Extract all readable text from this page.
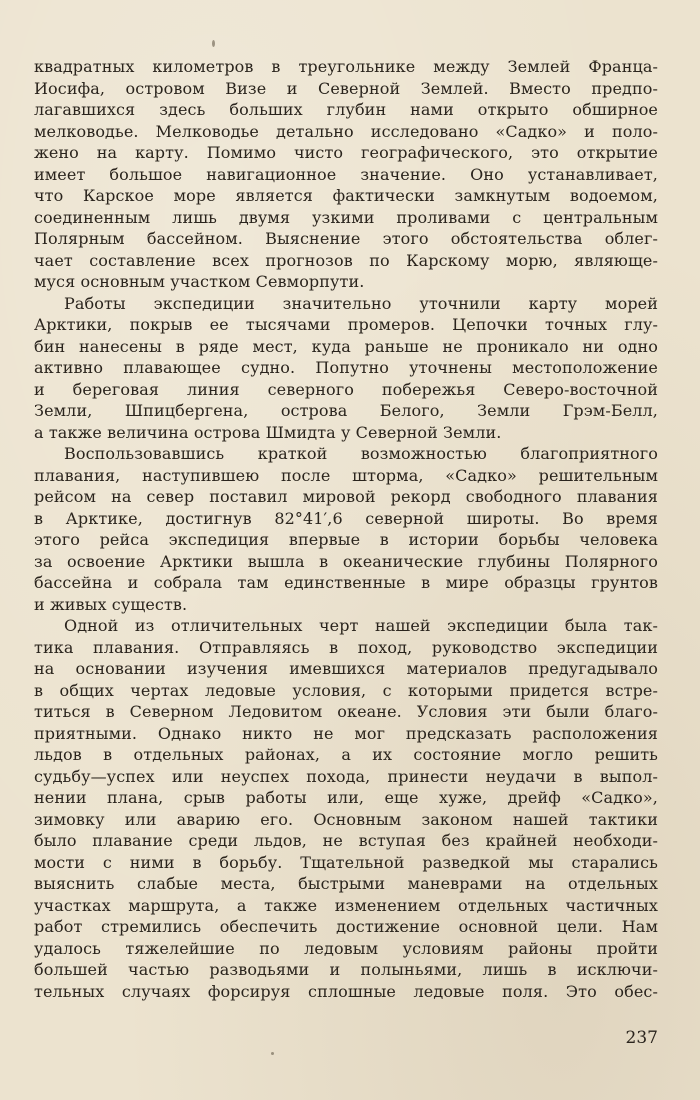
квадратных километров в треугольнике между Землей Франца-
Иосифа, островом Визе и Северной Землей. Вместо предпо-
лагавшихся здесь больших глубин нами открыто обширное
мелководье. Мелководье детально исследовано «Садко» и поло-
жено на карту. Помимо чисто географического, это открытие
имеет большое навигационное значение. Оно устанавливает,
что Карское море является фактически замкнутым водоемом,
соединенным лишь двумя узкими проливами с центральным
Полярным бассейном. Выяснение этого обстоятельства облег-
чает составление всех прогнозов по Карскому морю, являюще-
муся основным участком Севморпути.
Работы экспедиции значительно уточнили карту морей
Арктики, покрыв ее тысячами промеров. Цепочки точных глу-
бин нанесены в ряде мест, куда раньше не проникало ни одно
активно плавающее судно. Попутно уточнены местоположение
и береговая линия северного побережья Северо-восточной
Земли, Шпицбергена, острова Белого, Земли Грэм-Белл,
а также величина острова Шмидта у Северной Земли.
Воспользовавшись краткой возможностью благоприятного
плавания, наступившею после шторма, «Садко» решительным
рейсом на север поставил мировой рекорд свободного плавания
в Арктике, достигнув 82°41′,6 северной широты. Во время
этого рейса экспедиция впервые в истории борьбы человека
за освоение Арктики вышла в океанические глубины Полярного
бассейна и собрала там единственные в мире образцы грунтов
и живых существ.
Одной из отличительных черт нашей экспедиции была так-
тика плавания. Отправляясь в поход, руководство экспедиции
на основании изучения имевшихся материалов предугадывало
в общих чертах ледовые условия, с которыми придется встре-
титься в Северном Ледовитом океане. Условия эти были благо-
приятными. Однако никто не мог предсказать расположения
льдов в отдельных районах, а их состояние могло решить
судьбу—успех или неуспех похода, принести неудачи в выпол-
нении плана, срыв работы или, еще хуже, дрейф «Садко»,
зимовку или аварию его. Основным законом нашей тактики
было плавание среди льдов, не вступая без крайней необходи-
мости с ними в борьбу. Тщательной разведкой мы старались
выяснить слабые места, быстрыми маневрами на отдельных
участках маршрута, а также изменением отдельных частичных
работ стремились обеспечить достижение основной цели. Нам
удалось тяжелейшие по ледовым условиям районы пройти
большей частью разводьями и полыньями, лишь в исключи-
тельных случаях форсируя сплошные ледовые поля. Это обес-
237
